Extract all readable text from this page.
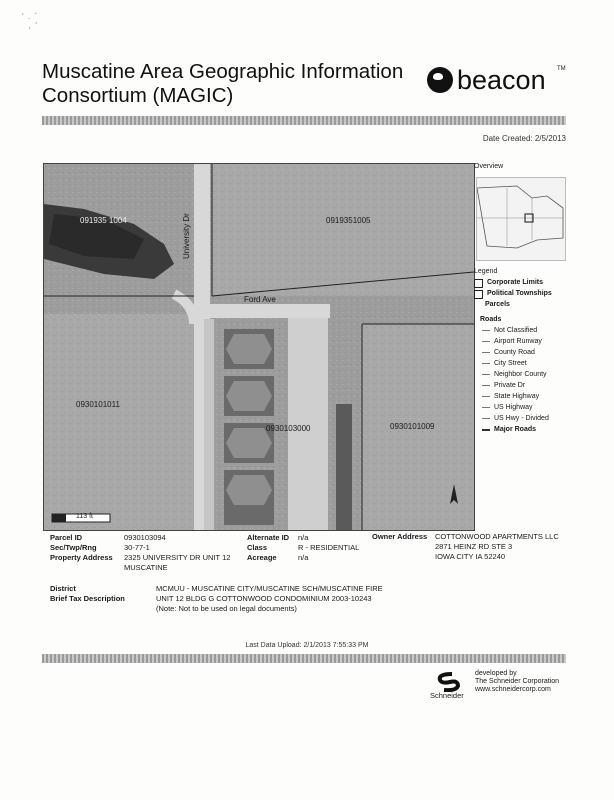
'  .  ´
,  '
Muscatine Area Geographic Information Consortium (MAGIC)
beacon TM
Date Created: 2/5/2013
University Dr
Ford Ave
091935 1004	0919351005
0930101011
0930103000	0930101009
113 ft
Overview
Legend
Corporate Limits
Political Townships
Parcels
Roads
Not Classified
Airport Runway
County Road
City Street
Neighbor County
Private Dr
State Highway
US Highway
US Hwy - Divided
Major Roads
Parcel ID
Sec/Twp/Rng
Property Address
0930103094
30-77-1
2325 UNIVERSITY DR UNIT 12
MUSCATINE
Alternate ID
Class
Acreage
n/a
R - RESIDENTIAL
n/a
Owner Address COTTONWOOD APARTMENTS LLC
2871 HEINZ RD STE 3
IOWA CITY IA 52240
District
Brief Tax Description
MCMUU - MUSCATINE CITY/MUSCATINE SCH/MUSCATINE FIRE
UNIT 12 BLDG G COTTONWOOD CONDOMINIUM 2003-10243
(Note: Not to be used on legal documents)
Last Data Upload: 2/1/2013 7:55:33 PM
Schneider
developed by
The Schneider Corporation
www.schneidercorp.com
